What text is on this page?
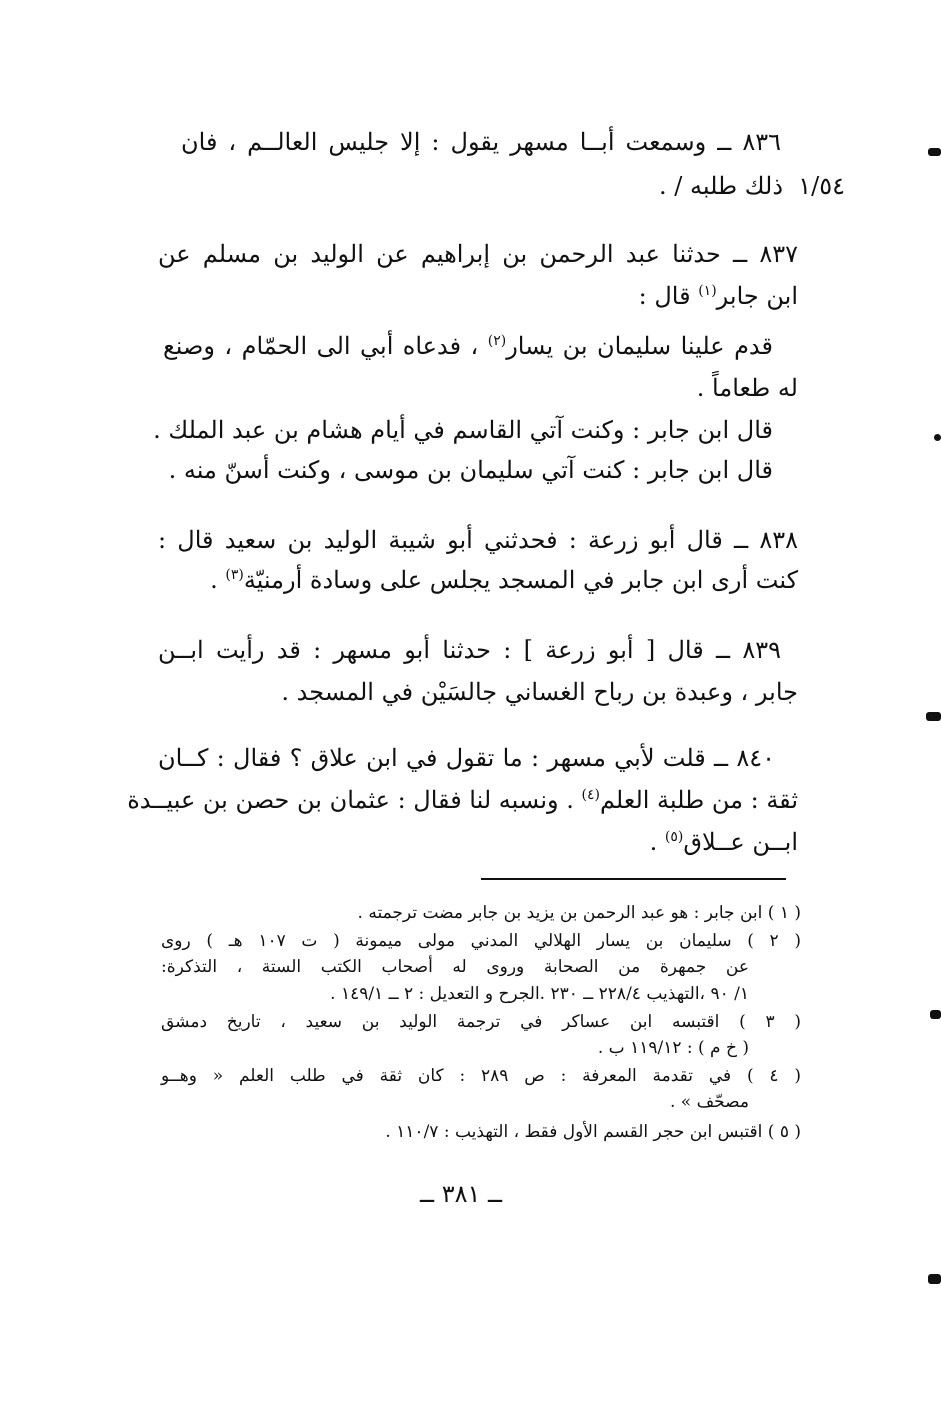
٨٣٦ ــ وسمعت أبــا مسهر يقول : إلا جليس العالــم ، فان
١/٥٤
ذلك طلبه / .
٨٣٧ ــ حدثنا عبد الرحمن بن إبراهيم عن الوليد بن مسلم عن
ابن جابر$^{(١)}$ قال :
قدم علينا سليمان بن يسار$^{(٢)}$ ، فدعاه أبي الى الحمّام ، وصنع
له طعاماً .
قال ابن جابر : وكنت آتي القاسم في أيام هشام بن عبد الملك .
قال ابن جابر : كنت آتي سليمان بن موسى ، وكنت أسنّ منه .
٨٣٨ ــ قال أبو زرعة : فحدثني أبو شيبة الوليد بن سعيد قال :
كنت أرى ابن جابر في المسجد يجلس على وسادة أرمنيّة$^{(٣)}$ .
٨٣٩ ــ قال [ أبو زرعة ] : حدثنا أبو مسهر : قد رأيت ابــن
جابر ، وعبدة بن رباح الغساني جالسَيْن في المسجد .
٨٤٠ ــ قلت لأبي مسهر : ما تقول في ابن علاق ؟ فقال : كــان
ثقة : من طلبة العلم$^{(٤)}$ . ونسبه لنا فقال : عثمان بن حصن بن عبيــدة
ابــن عــلاق$^{(٥)}$ .
( ١ ) ابن جابر : هو عبد الرحمن بن يزيد بن جابر مضت ترجمته .
( ٢ ) سليمان بن يسار الهلالي المدني مولى ميمونة ( ت ١٠٧ هـ ) روى
عن جمهرة من الصحابة وروى له أصحاب الكتب الستة ، التذكرة:
١/ ٩٠ ،التهذيب ٢٢٨/٤ ــ ٢٣٠ .الجرح و التعديل : ٢ ــ ١٤٩/١ .
( ٣ ) اقتبسه ابن عساكر في ترجمة الوليد بن سعيد ، تاريخ دمشق
( خ م ) : ١١٩/١٢ ب .
( ٤ ) في تقدمة المعرفة : ص ٢٨٩ : كان ثقة في طلب العلم « وهــو
مصحّف » .
( ٥ ) اقتبس ابن حجر القسم الأول فقط ، التهذيب : ١١٠/٧ .
ــ ٣٨١ ــ
